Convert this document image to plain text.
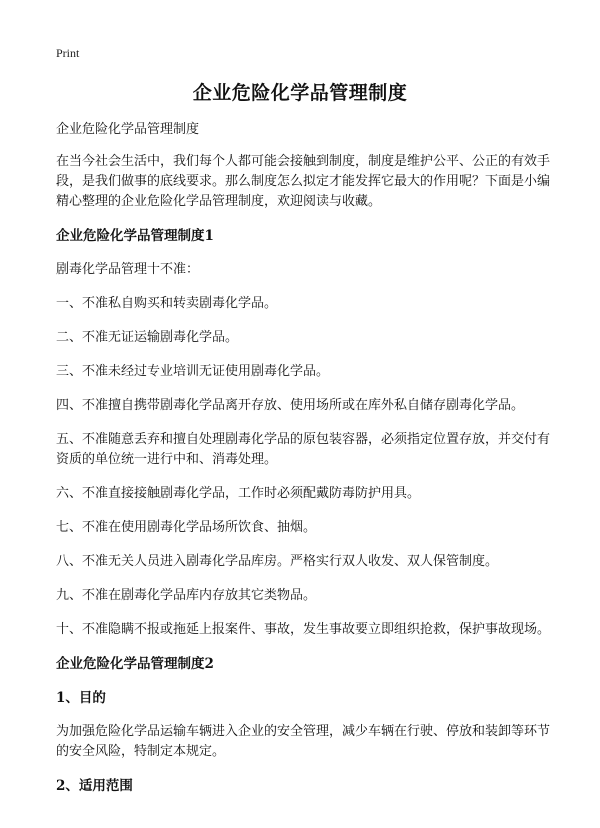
Print
企业危险化学品管理制度

企业危险化学品管理制度

在当今社会生活中，我们每个人都可能会接触到制度，制度是维护公平、公正的有效手段，是我们做事的底线要求。那么制度怎么拟定才能发挥它最大的作用呢？下面是小编精心整理的企业危险化学品管理制度，欢迎阅读与收藏。

企业危险化学品管理制度1

剧毒化学品管理十不准：

一、不准私自购买和转卖剧毒化学品。

二、不准无证运输剧毒化学品。

三、不准未经过专业培训无证使用剧毒化学品。

四、不准擅自携带剧毒化学品离开存放、使用场所或在库外私自储存剧毒化学品。

五、不准随意丢弃和擅自处理剧毒化学品的原包装容器，必须指定位置存放，并交付有资质的单位统一进行中和、消毒处理。

六、不准直接接触剧毒化学品，工作时必须配戴防毒防护用具。

七、不准在使用剧毒化学品场所饮食、抽烟。

八、不准无关人员进入剧毒化学品库房。严格实行双人收发、双人保管制度。

九、不准在剧毒化学品库内存放其它类物品。

十、不准隐瞒不报或拖延上报案件、事故，发生事故要立即组织抢救，保护事故现场。

企业危险化学品管理制度2
1、目的

为加强危险化学品运输车辆进入企业的安全管理，减少车辆在行驶、停放和装卸等环节的安全风险，特制定本规定。

2、适用范围
